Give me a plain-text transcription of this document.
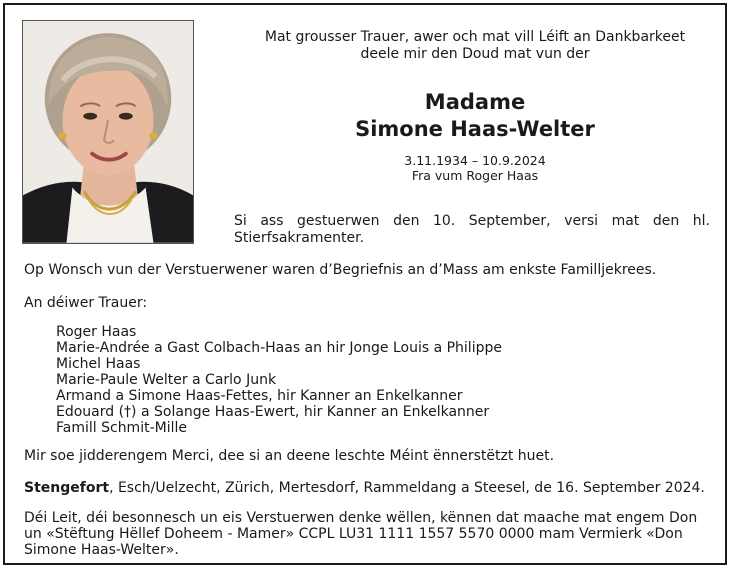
Mat grousser Trauer, awer och mat vill Léift an Dankbarkeet
deele mir den Doud mat vun der
Madame
Simone Haas-Welter
3.11.1934 – 10.9.2024
Fra vum Roger Haas
Si ass gestuerwen den 10. September, versi mat den hl.
Stierfsakramenter.
Op Wonsch vun der Verstuerwener waren d’Begriefnis an d’Mass am enkste Familljekrees.
An déiwer Trauer:
Roger Haas
Marie-Andrée a Gast Colbach-Haas an hir Jonge Louis a Philippe
Michel Haas
Marie-Paule Welter a Carlo Junk
Armand a Simone Haas-Fettes, hir Kanner an Enkelkanner
Edouard (†) a Solange Haas-Ewert, hir Kanner an Enkelkanner
Famill Schmit-Mille
Mir soe jidderengem Merci, dee si an deene leschte Méint ënnerstëtzt huet.
Stengefort, Esch/Uelzecht, Zürich, Mertesdorf, Rammeldang a Steesel, de 16. September 2024.
Déi Leit, déi besonnesch un eis Verstuerwen denke wëllen, kënnen dat maache mat engem Don
un «Stëftung Hëllef Doheem - Mamer» CCPL LU31 1111 1557 5570 0000 mam Vermierk «Don
Simone Haas-Welter».
